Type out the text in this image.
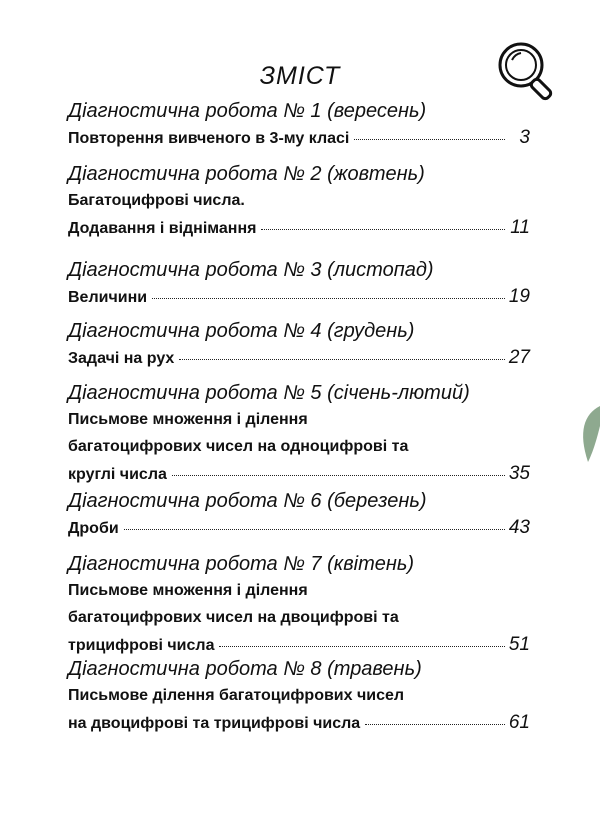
ЗМІСТ
Діагностична робота № 1 (вересень)
Повторення вивченого в 3-му класі	3
Діагностична робота № 2 (жовтень)
Багатоцифрові числа.
Додавання і віднімання	11
Діагностична робота № 3 (листопад)
Величини	19
Діагностична робота № 4 (грудень)
Задачі на рух	27
Діагностична робота № 5 (січень-лютий)
Письмове множення і ділення
багатоцифрових чисел на одноцифрові та
круглі числа	35
Діагностична робота № 6 (березень)
Дроби	43
Діагностична робота № 7 (квітень)
Письмове множення і ділення
багатоцифрових чисел на двоцифрові та
трицифрові числа	51
Діагностична робота № 8 (травень)
Письмове ділення багатоцифрових чисел
на двоцифрові та трицифрові числа	61
